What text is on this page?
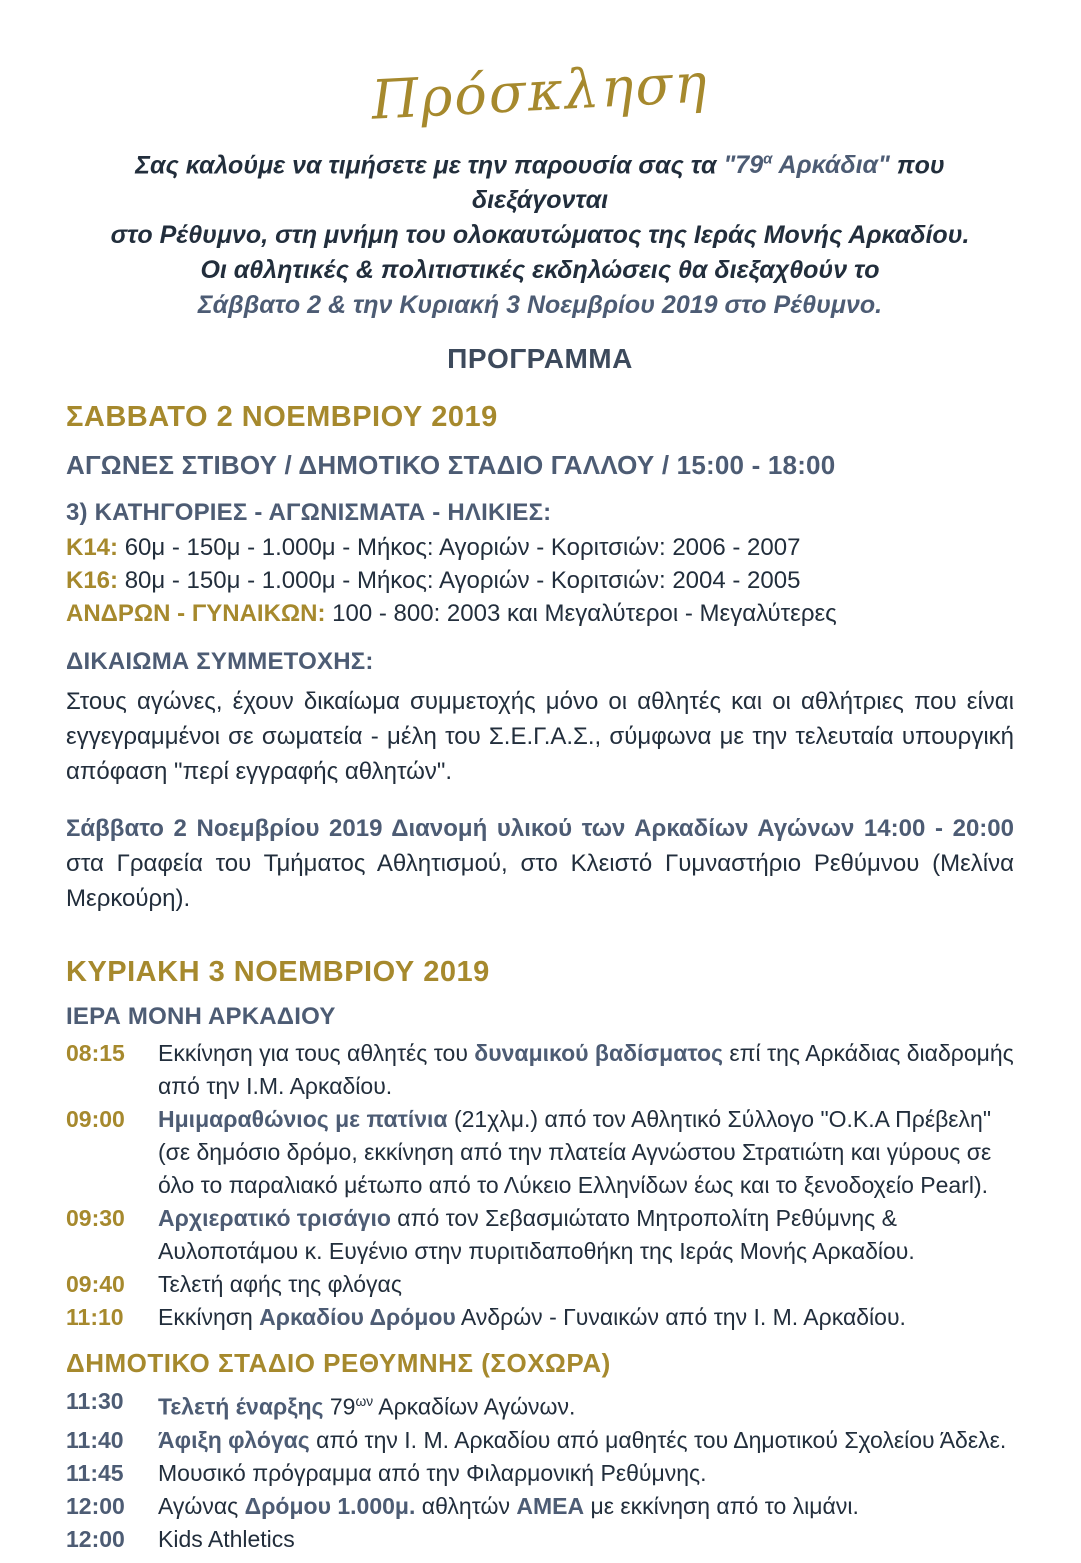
Πρόσκληση
Σας καλούμε να τιμήσετε με την παρουσία σας τα "$79^\alpha$ Αρκάδια" που διεξάγονται
στο Ρέθυμνο, στη μνήμη του ολοκαυτώματος της Ιεράς Μονής Αρκαδίου.
Οι αθλητικές & πολιτιστικές εκδηλώσεις θα διεξαχθούν το
Σάββατο 2 & την Κυριακή 3 Νοεμβρίου 2019 στο Ρέθυμνο.
ΠΡΟΓΡΑΜΜΑ
ΣΑΒΒΑΤΟ 2 ΝΟΕΜΒΡΙΟΥ 2019
ΑΓΩΝΕΣ ΣΤΙΒΟΥ / ΔΗΜΟΤΙΚΟ ΣΤΑΔΙΟ ΓΑΛΛΟΥ / 15:00 - 18:00
3) ΚΑΤΗΓΟΡΙΕΣ - ΑΓΩΝΙΣΜΑΤΑ - ΗΛΙΚΙΕΣ:
Κ14: 60μ - 150μ - 1.000μ - Μήκος: Αγοριών - Κοριτσιών: 2006 - 2007
Κ16: 80μ - 150μ - 1.000μ - Μήκος: Αγοριών - Κοριτσιών: 2004 - 2005
ΑΝΔΡΩΝ - ΓΥΝΑΙΚΩΝ: 100 - 800: 2003 και Μεγαλύτεροι - Μεγαλύτερες
ΔΙΚΑΙΩΜΑ ΣΥΜΜΕΤΟΧΗΣ:
Στους αγώνες, έχουν δικαίωμα συμμετοχής μόνο οι αθλητές και οι αθλήτριες που είναι εγγεγραμμένοι σε σωματεία - μέλη του Σ.Ε.Γ.Α.Σ., σύμφωνα με την τελευταία υπουργική απόφαση "περί εγγραφής αθλητών".
Σάββατο 2 Νοεμβρίου 2019 Διανομή υλικού των Αρκαδίων Αγώνων 14:00 - 20:00 στα Γραφεία του Τμήματος Αθλητισμού, στο Κλειστό Γυμναστήριο Ρεθύμνου (Μελίνα Μερκούρη).
ΚΥΡΙΑΚΗ 3 ΝΟΕΜΒΡΙΟΥ 2019
ΙΕΡΑ ΜΟΝΗ ΑΡΚΑΔΙΟΥ
08:15	Εκκίνηση για τους αθλητές του δυναμικού βαδίσματος επί της Αρκάδιας διαδρομής από την Ι.Μ. Αρκαδίου.
09:00	Ημιμαραθώνιος με πατίνια (21χλμ.) από τον Αθλητικό Σύλλογο "Ο.Κ.Α Πρέβελη" (σε δημόσιο δρόμο, εκκίνηση από την πλατεία Αγνώστου Στρατιώτη και γύρους σε όλο το παραλιακό μέτωπο από το Λύκειο Ελληνίδων έως και το ξενοδοχείο Pearl).
09:30	Αρχιερατικό τρισάγιο από τον Σεβασμιώτατο Μητροπολίτη Ρεθύμνης & Αυλοποτάμου κ. Ευγένιο στην πυριτιδαποθήκη της Ιεράς Μονής Αρκαδίου.
09:40	Τελετή αφής της φλόγας
11:10	Εκκίνηση Αρκαδίου Δρόμου Ανδρών - Γυναικών από την Ι. Μ. Αρκαδίου.
ΔΗΜΟΤΙΚΟ ΣΤΑΔΙΟ ΡΕΘΥΜΝΗΣ (ΣΟΧΩΡΑ)
11:30	Τελετή έναρξης $79^{\omega\nu}$ Αρκαδίων Αγώνων.
11:40	Άφιξη φλόγας από την Ι. Μ. Αρκαδίου από μαθητές του Δημοτικού Σχολείου Άδελε.
11:45	Μουσικό πρόγραμμα από την Φιλαρμονική Ρεθύμνης.
12:00	Αγώνας Δρόμου 1.000μ. αθλητών ΑΜΕΑ με εκκίνηση από το λιμάνι.
12:00	Kids Athletics
